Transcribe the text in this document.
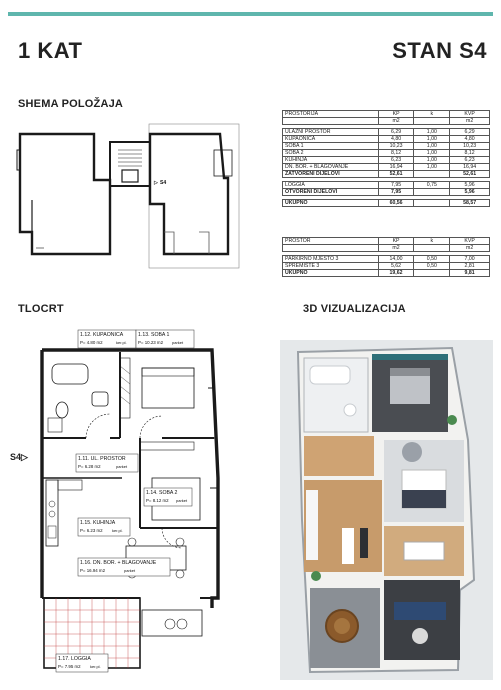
1 KAT	STAN S4
SHEMA POLOŽAJA
TLOCRT	3D VIZUALIZACIJA
▷ S4
PROSTORIJA	KP	k	KVP
	m2		m2

ULAZNI PROSTOR	6,29	1,00	6,29
KUPAONICA	4,80	1,00	4,80
SOBA 1	10,23	1,00	10,23
SOBA 2	8,12	1,00	8,12
KUHINJA	6,23	1,00	6,23
DN. BOR. + BLAGOVANJE	16,94	1,00	16,94
ZATVORENI DIJELOVI	52,61		52,61

LOGGIA	7,95	0,75	5,96
OTVORENI DIJELOVI	7,95		5,96

UKUPNO	60,56		58,57
PROSTOR	KP	k	KVP
	m2		m2

PARKIRNO MJESTO 3	14,00	0,50	7,00
SPREMIŠTE 3	5,62	0,50	2,81
UKUPNO	19,62		9,81
S4▷
1.12. KUPAONICA
P= 4.80 m2	ker.pl.
1.13. SOBA 1
P= 10.23 m2 parket
1.11. UL. PROSTOR
P= 6.28 m2	parket
1.14. SOBA 2
P= 8.12 m2 parket
1.15. KUHINJA
P= 6.23 m2 ker.pl.
1.16. DN. BOR. + BLAGOVANJE
P= 16.94 m2	parket
1.17. LOGGIA
P= 7.95 m2 ker.pl.
